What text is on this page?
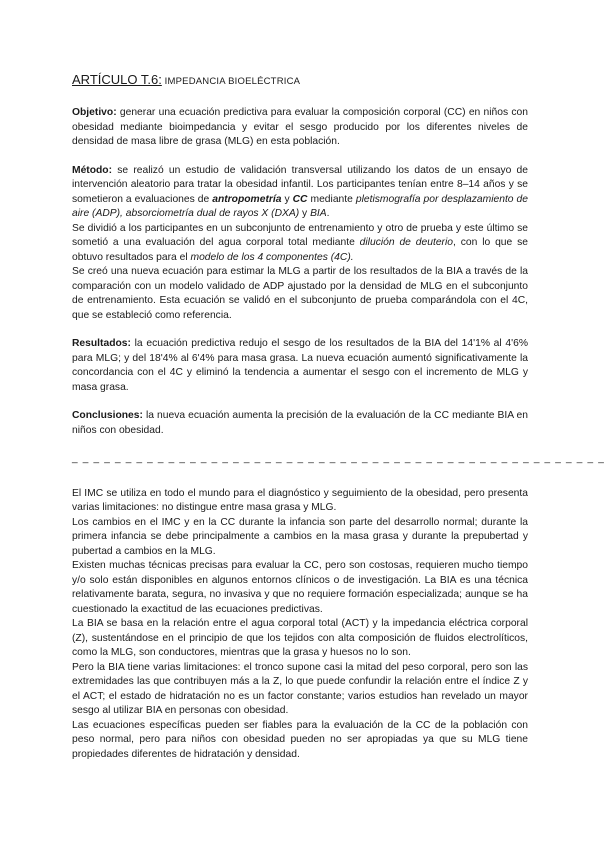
ARTÍCULO T.6: IMPEDANCIA BIOELÉCTRICA

Objetivo: generar una ecuación predictiva para evaluar la composición corporal (CC) en niños con obesidad mediante bioimpedancia y evitar el sesgo producido por los diferentes niveles de densidad de masa libre de grasa (MLG) en esta población.

Método: se realizó un estudio de validación transversal utilizando los datos de un ensayo de intervención aleatorio para tratar la obesidad infantil. Los participantes tenían entre 8–14 años y se sometieron a evaluaciones de antropometría y CC mediante pletismografía por desplazamiento de aire (ADP), absorciometría dual de rayos X (DXA) y BIA.

Se dividió a los participantes en un subconjunto de entrenamiento y otro de prueba y este último se sometió a una evaluación del agua corporal total mediante dilución de deuterio, con lo que se obtuvo resultados para el modelo de los 4 componentes (4C).

Se creó una nueva ecuación para estimar la MLG a partir de los resultados de la BIA a través de la comparación con un modelo validado de ADP ajustado por la densidad de MLG en el subconjunto de entrenamiento. Esta ecuación se validó en el subconjunto de prueba comparándola con el 4C, que se estableció como referencia.

Resultados: la ecuación predictiva redujo el sesgo de los resultados de la BIA del 14'1% al 4'6% para MLG; y del 18'4% al 6'4% para masa grasa. La nueva ecuación aumentó significativamente la concordancia con el 4C y eliminó la tendencia a aumentar el sesgo con el incremento de MLG y masa grasa.

Conclusiones: la nueva ecuación aumenta la precisión de la evaluación de la CC mediante BIA en niños con obesidad.

_ _ _ _ _ _ _ _ _ _ _ _ _ _ _ _ _ _ _ _ _ _ _ _ _ _ _ _ _ _ _ _ _ _ _ _ _ _ _ _ _ _ _ _ _ _ _ _ _ _

El IMC se utiliza en todo el mundo para el diagnóstico y seguimiento de la obesidad, pero presenta varias limitaciones: no distingue entre masa grasa y MLG.

Los cambios en el IMC y en la CC durante la infancia son parte del desarrollo normal; durante la primera infancia se debe principalmente a cambios en la masa grasa y durante la prepubertad y pubertad a cambios en la MLG.

Existen muchas técnicas precisas para evaluar la CC, pero son costosas, requieren mucho tiempo y/o solo están disponibles en algunos entornos clínicos o de investigación. La BIA es una técnica relativamente barata, segura, no invasiva y que no requiere formación especializada; aunque se ha cuestionado la exactitud de las ecuaciones predictivas.

La BIA se basa en la relación entre el agua corporal total (ACT) y la impedancia eléctrica corporal (Z), sustentándose en el principio de que los tejidos con alta composición de fluidos electrolíticos, como la MLG, son conductores, mientras que la grasa y huesos no lo son.

Pero la BIA tiene varias limitaciones: el tronco supone casi la mitad del peso corporal, pero son las extremidades las que contribuyen más a la Z, lo que puede confundir la relación entre el índice Z y el ACT; el estado de hidratación no es un factor constante; varios estudios han revelado un mayor sesgo al utilizar BIA en personas con obesidad.

Las ecuaciones específicas pueden ser fiables para la evaluación de la CC de la población con peso normal, pero para niños con obesidad pueden no ser apropiadas ya que su MLG tiene propiedades diferentes de hidratación y densidad.
